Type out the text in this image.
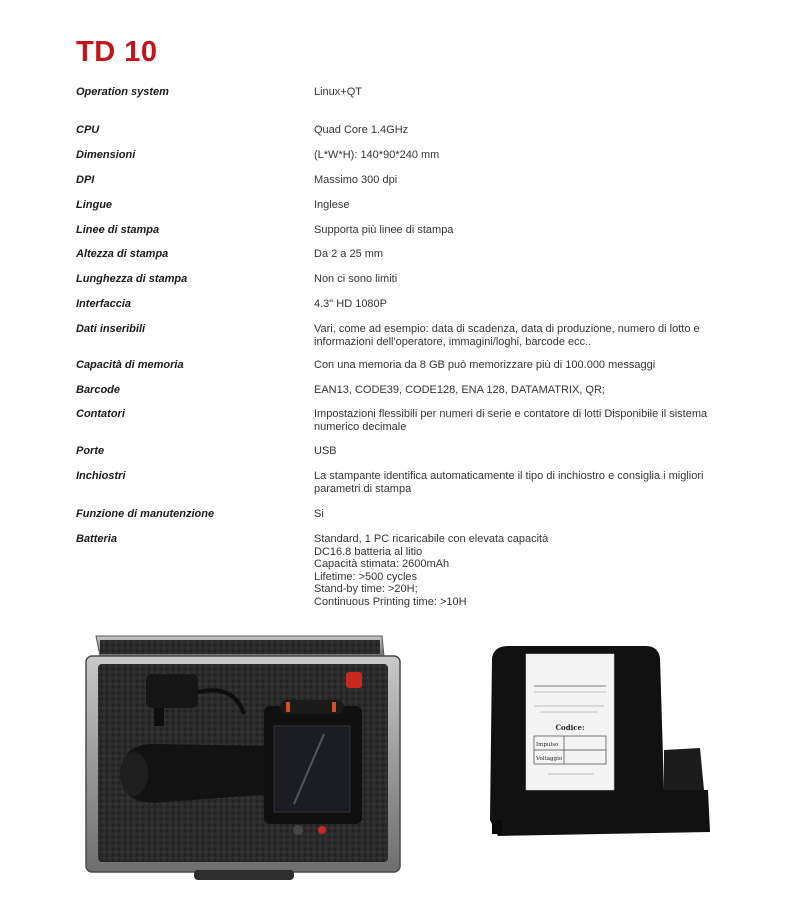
TD 10
Operation system	Linux+QT
CPU	Quad Core 1.4GHz
Dimensioni	(L*W*H): 140*90*240 mm
DPI	Massimo 300 dpi
Lingue	Inglese
Linee di stampa	Supporta più linee di stampa
Altezza di stampa	Da 2 a 25 mm
Lunghezza di stampa	Non ci sono limiti
Interfaccia	4.3" HD 1080P
Dati inseribili	Vari, come ad esempio: data di scadenza, data di produzione, numero di lotto e
informazioni dell'operatore, immagini/loghi, barcode ecc..
Capacità di memoria	Con una memoria da 8 GB può memorizzare più di 100.000 messaggi
Barcode	EAN13, CODE39, CODE128, ENA 128, DATAMATRIX, QR;
Contatori	Impostazioni flessibili per numeri di serie e contatore di lotti Disponibile il sistema
numerico decimale
Porte	USB
Inchiostri	La stampante identifica automaticamente il tipo di inchiostro e consiglia i migliori
parametri di stampa
Funzione di manutenzione	Si
Batteria	Standard, 1 PC ricaricabile con elevata capacità
DC16.8 batteria al litio
Capacità stimata: 2600mAh
Lifetime: >500 cycles
Stand-by time: >20H;
Continuous Printing time: >10H
Codice:
Impulso
Voltaggio
